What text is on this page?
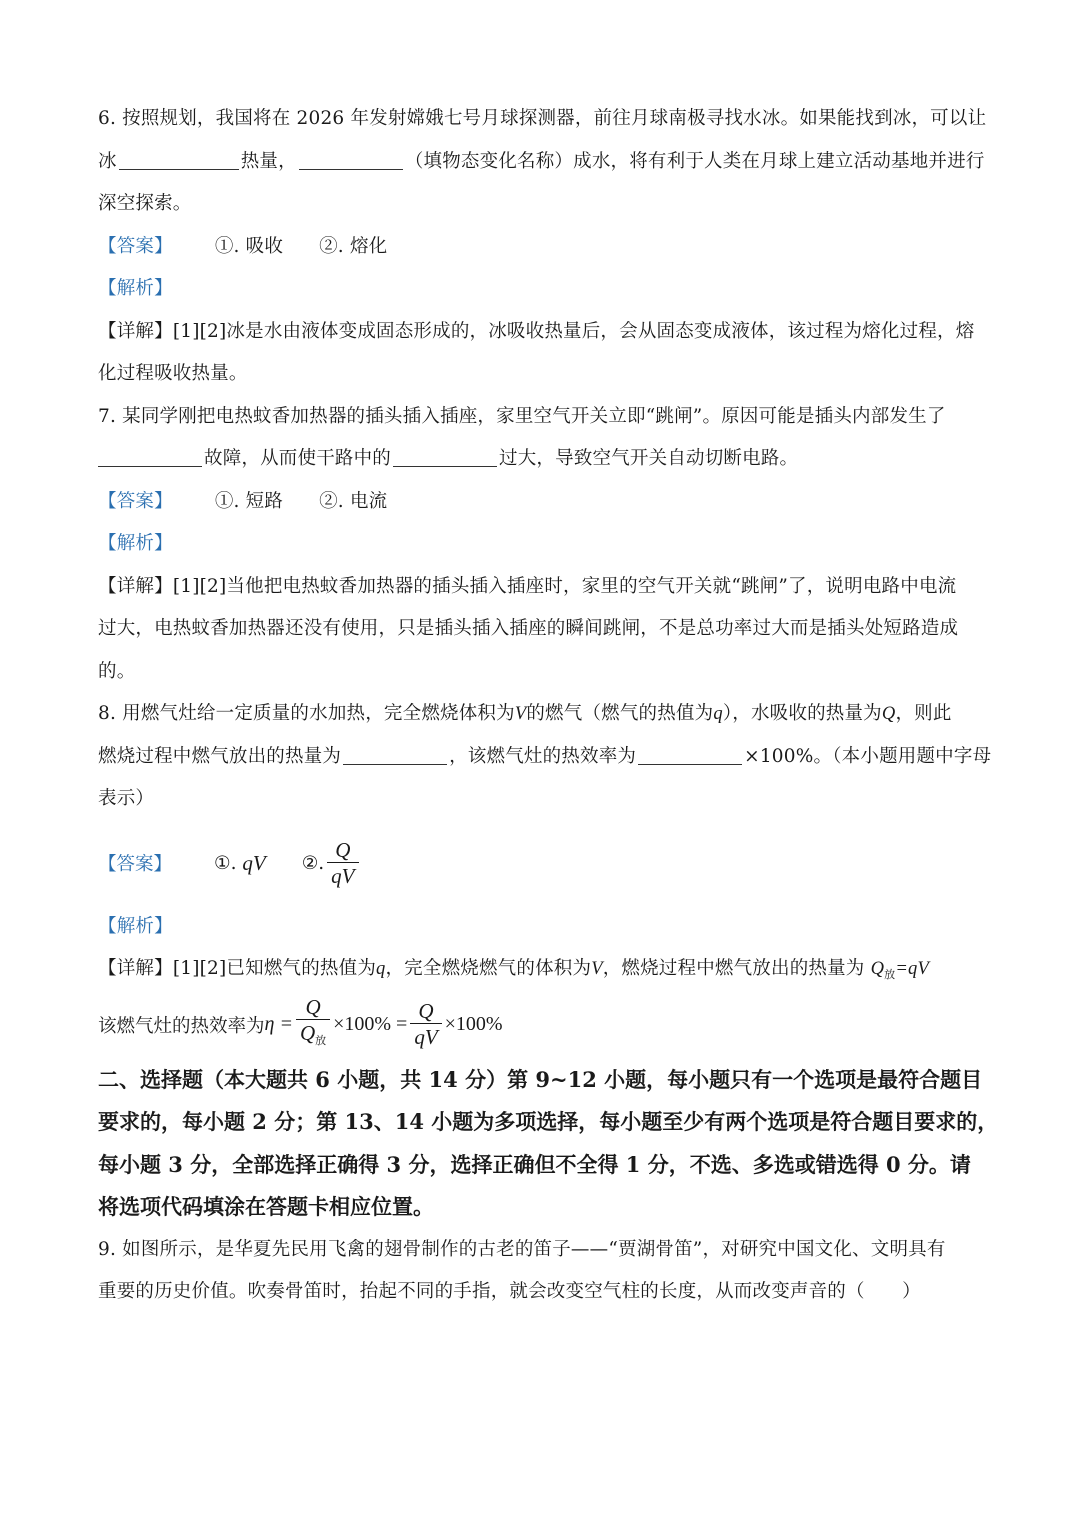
6. 按照规划，我国将在 2026 年发射嫦娥七号月球探测器，前往月球南极寻找水冰。如果能找到冰，可以让
冰	热量，	（填物态变化名称）成水，将有利于人类在月球上建立活动基地并进行
深空探索。
【答案】 ①. 吸收 ②. 熔化
【解析】
【详解】[1][2]冰是水由液体变成固态形成的，冰吸收热量后，会从固态变成液体，该过程为熔化过程，熔
化过程吸收热量。
7. 某同学刚把电热蚊香加热器的插头插入插座，家里空气开关立即“跳闸”。原因可能是插头内部发生了
故障，从而使干路中的	过大，导致空气开关自动切断电路。
【答案】 ①. 短路 ②. 电流
【解析】
【详解】[1][2]当他把电热蚊香加热器的插头插入插座时，家里的空气开关就“跳闸”了，说明电路中电流
过大，电热蚊香加热器还没有使用，只是插头插入插座的瞬间跳闸，不是总功率过大而是插头处短路造成
的。
8. 用燃气灶给一定质量的水加热，完全燃烧体积为V的燃气（燃气的热值为q），水吸收的热量为Q，则此
燃烧过程中燃气放出的热量为	，该燃气灶的热效率为	×100%。（本小题用题中字母
表示）
【答案】 ①.
qV ②. $\frac{Q}{qV}$
【解析】
【详解】[1][2]已知燃气的热值为q，完全燃烧燃气的体积为V，燃烧过程中燃气放出的热量为 $Q_放=qV$
该燃气灶的热效率为 $\eta = \frac{Q}{Q_放} \times 100\% = \frac{Q}{qV} \times 100\%$
二、选择题（本大题共 6 小题，共 14 分）第 9~12 小题，每小题只有一个选项是最符合题目
要求的，每小题 2 分；第 13、14 小题为多项选择，每小题至少有两个选项是符合题目要求的，
每小题 3 分，全部选择正确得 3 分，选择正确但不全得 1 分，不选、多选或错选得 0 分。请
将选项代码填涂在答题卡相应位置。
9. 如图所示，是华夏先民用飞禽的翅骨制作的古老的笛子——“贾湖骨笛”，对研究中国文化、文明具有
重要的历史价值。吹奏骨笛时，抬起不同的手指，就会改变空气柱的长度，从而改变声音的（　　）
